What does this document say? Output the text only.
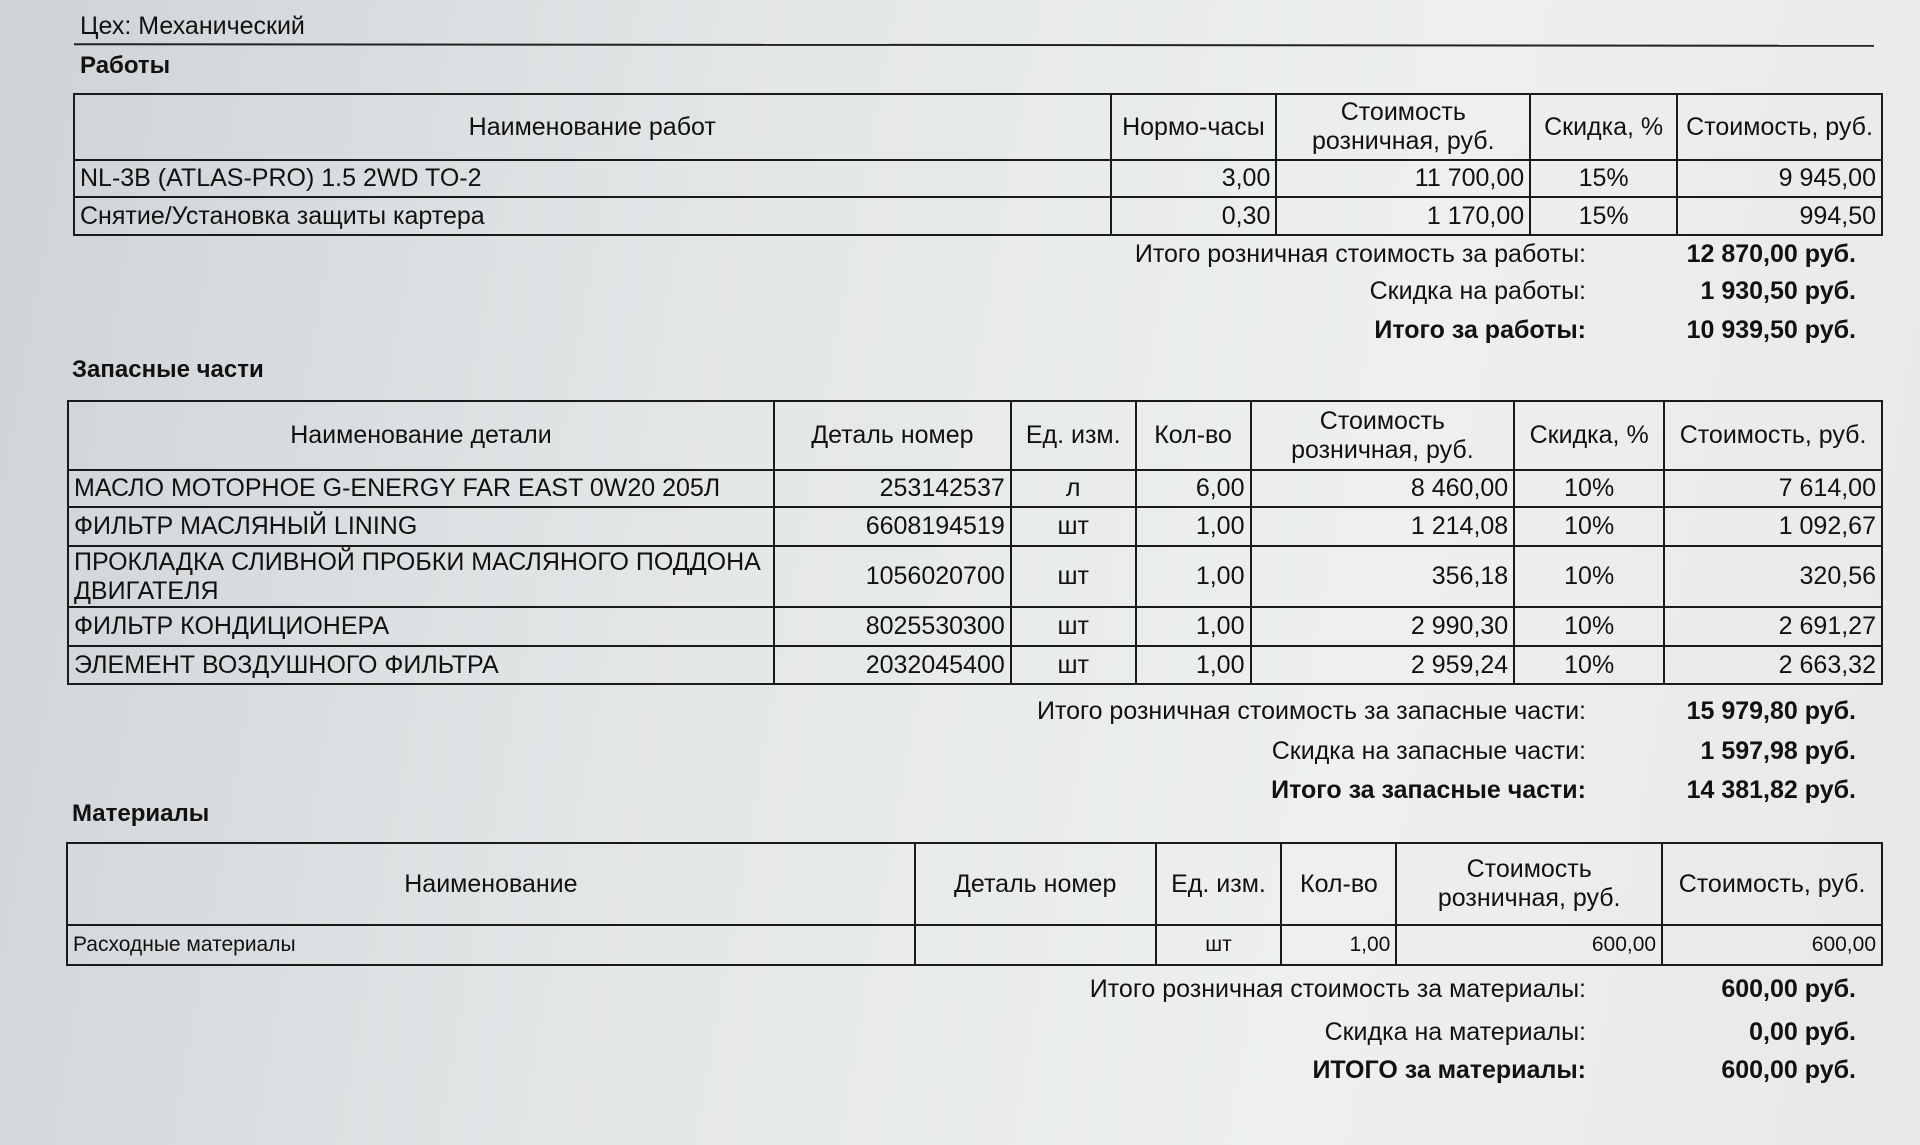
Цех: Механический
Работы
Наименование работ	Нормо-часы	Стоимость розничная, руб.	Скидка, %	Стоимость, руб.
NL-3B (ATLAS-PRO) 1.5 2WD TO-2	3,00	11 700,00	15%	9 945,00
Снятие/Установка защиты картера	0,30	1 170,00	15%	994,50
Итого розничная стоимость за работы:	12 870,00 руб.
Скидка на работы:	1 930,50 руб.
Итого за работы:	10 939,50 руб.
Запасные части
Наименование детали	Деталь номер	Ед. изм.	Кол-во	Стоимость розничная, руб.	Скидка, %	Стоимость, руб.
МАСЛО МОТОРНОЕ G-ENERGY FAR EAST 0W20 205Л	253142537	л	6,00	8 460,00	10%	7 614,00
ФИЛЬТР МАСЛЯНЫЙ LINING	6608194519	шт	1,00	1 214,08	10%	1 092,67
ПРОКЛАДКА СЛИВНОЙ ПРОБКИ МАСЛЯНОГО ПОДДОНА ДВИГАТЕЛЯ	1056020700	шт	1,00	356,18	10%	320,56
ФИЛЬТР КОНДИЦИОНЕРА	8025530300	шт	1,00	2 990,30	10%	2 691,27
ЭЛЕМЕНТ ВОЗДУШНОГО ФИЛЬТРА	2032045400	шт	1,00	2 959,24	10%	2 663,32
Итого розничная стоимость за запасные части:	15 979,80 руб.
Скидка на запасные части:	1 597,98 руб.
Итого за запасные части:	14 381,82 руб.
Материалы
Наименование	Деталь номер	Ед. изм.	Кол-во	Стоимость розничная, руб.	Стоимость, руб.
Расходные материалы		шт	1,00	600,00	600,00
Итого розничная стоимость за материалы:	600,00 руб.
Скидка на материалы:	0,00 руб.
ИТОГО за материалы:	600,00 руб.
